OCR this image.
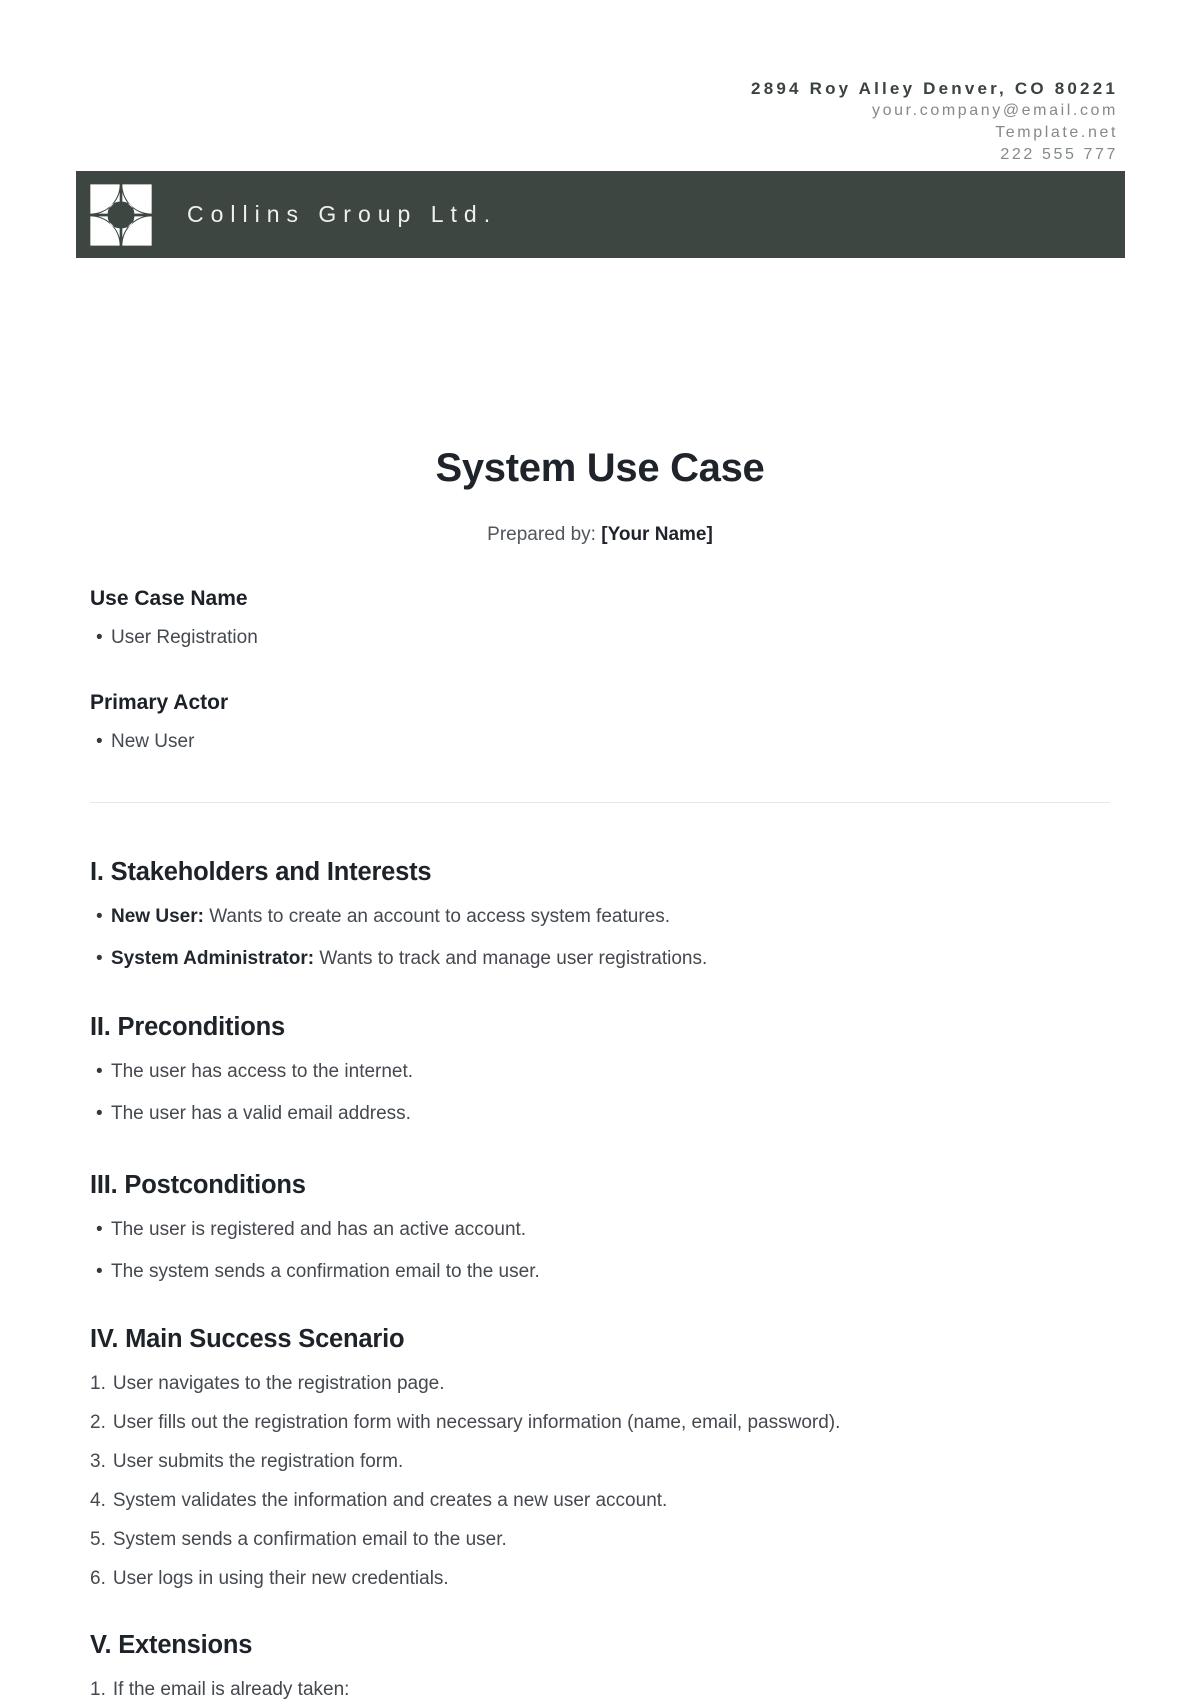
2894 Roy Alley Denver, CO 80221
your.company@email.com
Template.net
222 555 777
Collins Group Ltd.
System Use Case
Prepared by: [Your Name]
Use Case Name
• User Registration
Primary Actor
• New User
I. Stakeholders and Interests
• New User: Wants to create an account to access system features.
• System Administrator: Wants to track and manage user registrations.
II. Preconditions
• The user has access to the internet.
• The user has a valid email address.
III. Postconditions
• The user is registered and has an active account.
• The system sends a confirmation email to the user.
IV. Main Success Scenario
1. User navigates to the registration page.
2. User fills out the registration form with necessary information (name, email, password).
3. User submits the registration form.
4. System validates the information and creates a new user account.
5. System sends a confirmation email to the user.
6. User logs in using their new credentials.
V. Extensions
1. If the email is already taken:
